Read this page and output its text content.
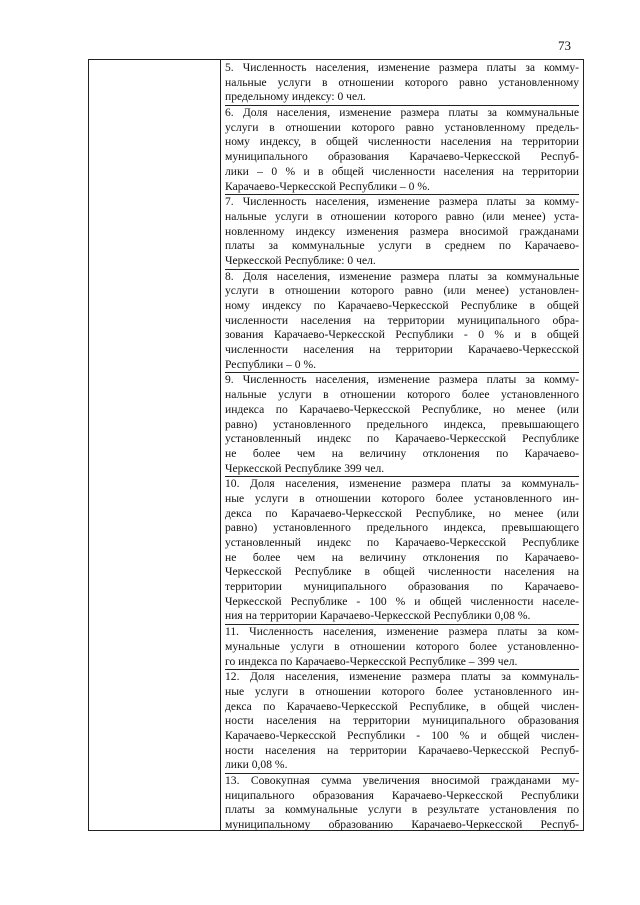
73
5. Численность населения, изменение размера платы за комму-
нальные услуги в отношении которого равно установленному
предельному индексу: 0 чел.
6. Доля населения, изменение размера платы за коммунальные
услуги в отношении которого равно установленному предель-
ному индексу, в общей численности населения на территории
муниципального образования Карачаево-Черкесской Респуб-
лики – 0 % и в общей численности населения на территории
Карачаево-Черкесской Республики – 0 %.
7. Численность населения, изменение размера платы за комму-
нальные услуги в отношении которого равно (или менее) уста-
новленному индексу изменения размера вносимой гражданами
платы за коммунальные услуги в среднем по Карачаево-
Черкесской Республике: 0 чел.
8. Доля населения, изменение размера платы за коммунальные
услуги в отношении которого равно (или менее) установлен-
ному индексу по Карачаево-Черкесской Республике в общей
численности населения на территории муниципального обра-
зования Карачаево-Черкесской Республики - 0 % и в общей
численности населения на территории Карачаево-Черкесской
Республики – 0 %.
9. Численность населения, изменение размера платы за комму-
нальные услуги в отношении которого более установленного
индекса по Карачаево-Черкесской Республике, но менее (или
равно) установленного предельного индекса, превышающего
установленный индекс по Карачаево-Черкесской Республике
не более чем на величину отклонения по Карачаево-
Черкесской Республике 399 чел.
10. Доля населения, изменение размера платы за коммуналь-
ные услуги в отношении которого более установленного ин-
декса по Карачаево-Черкесской Республике, но менее (или
равно) установленного предельного индекса, превышающего
установленный индекс по Карачаево-Черкесской Республике
не более чем на величину отклонения по Карачаево-
Черкесской Республике в общей численности населения на
территории муниципального образования по Карачаево-
Черкесской Республике - 100 % и общей численности населе-
ния на территории Карачаево-Черкесской Республики 0,08 %.
11. Численность населения, изменение размера платы за ком-
мунальные услуги в отношении которого более установленно-
го индекса по Карачаево-Черкесской Республике – 399 чел.
12. Доля населения, изменение размера платы за коммуналь-
ные услуги в отношении которого более установленного ин-
декса по Карачаево-Черкесской Республике, в общей числен-
ности населения на территории муниципального образования
Карачаево-Черкесской Республики - 100 % и общей числен-
ности населения на территории Карачаево-Черкесской Респуб-
лики 0,08 %.
13. Совокупная сумма увеличения вносимой гражданами му-
ниципального образования Карачаево-Черкесской Республики
платы за коммунальные услуги в результате установления по
муниципальному образованию Карачаево-Черкесской Респуб-
